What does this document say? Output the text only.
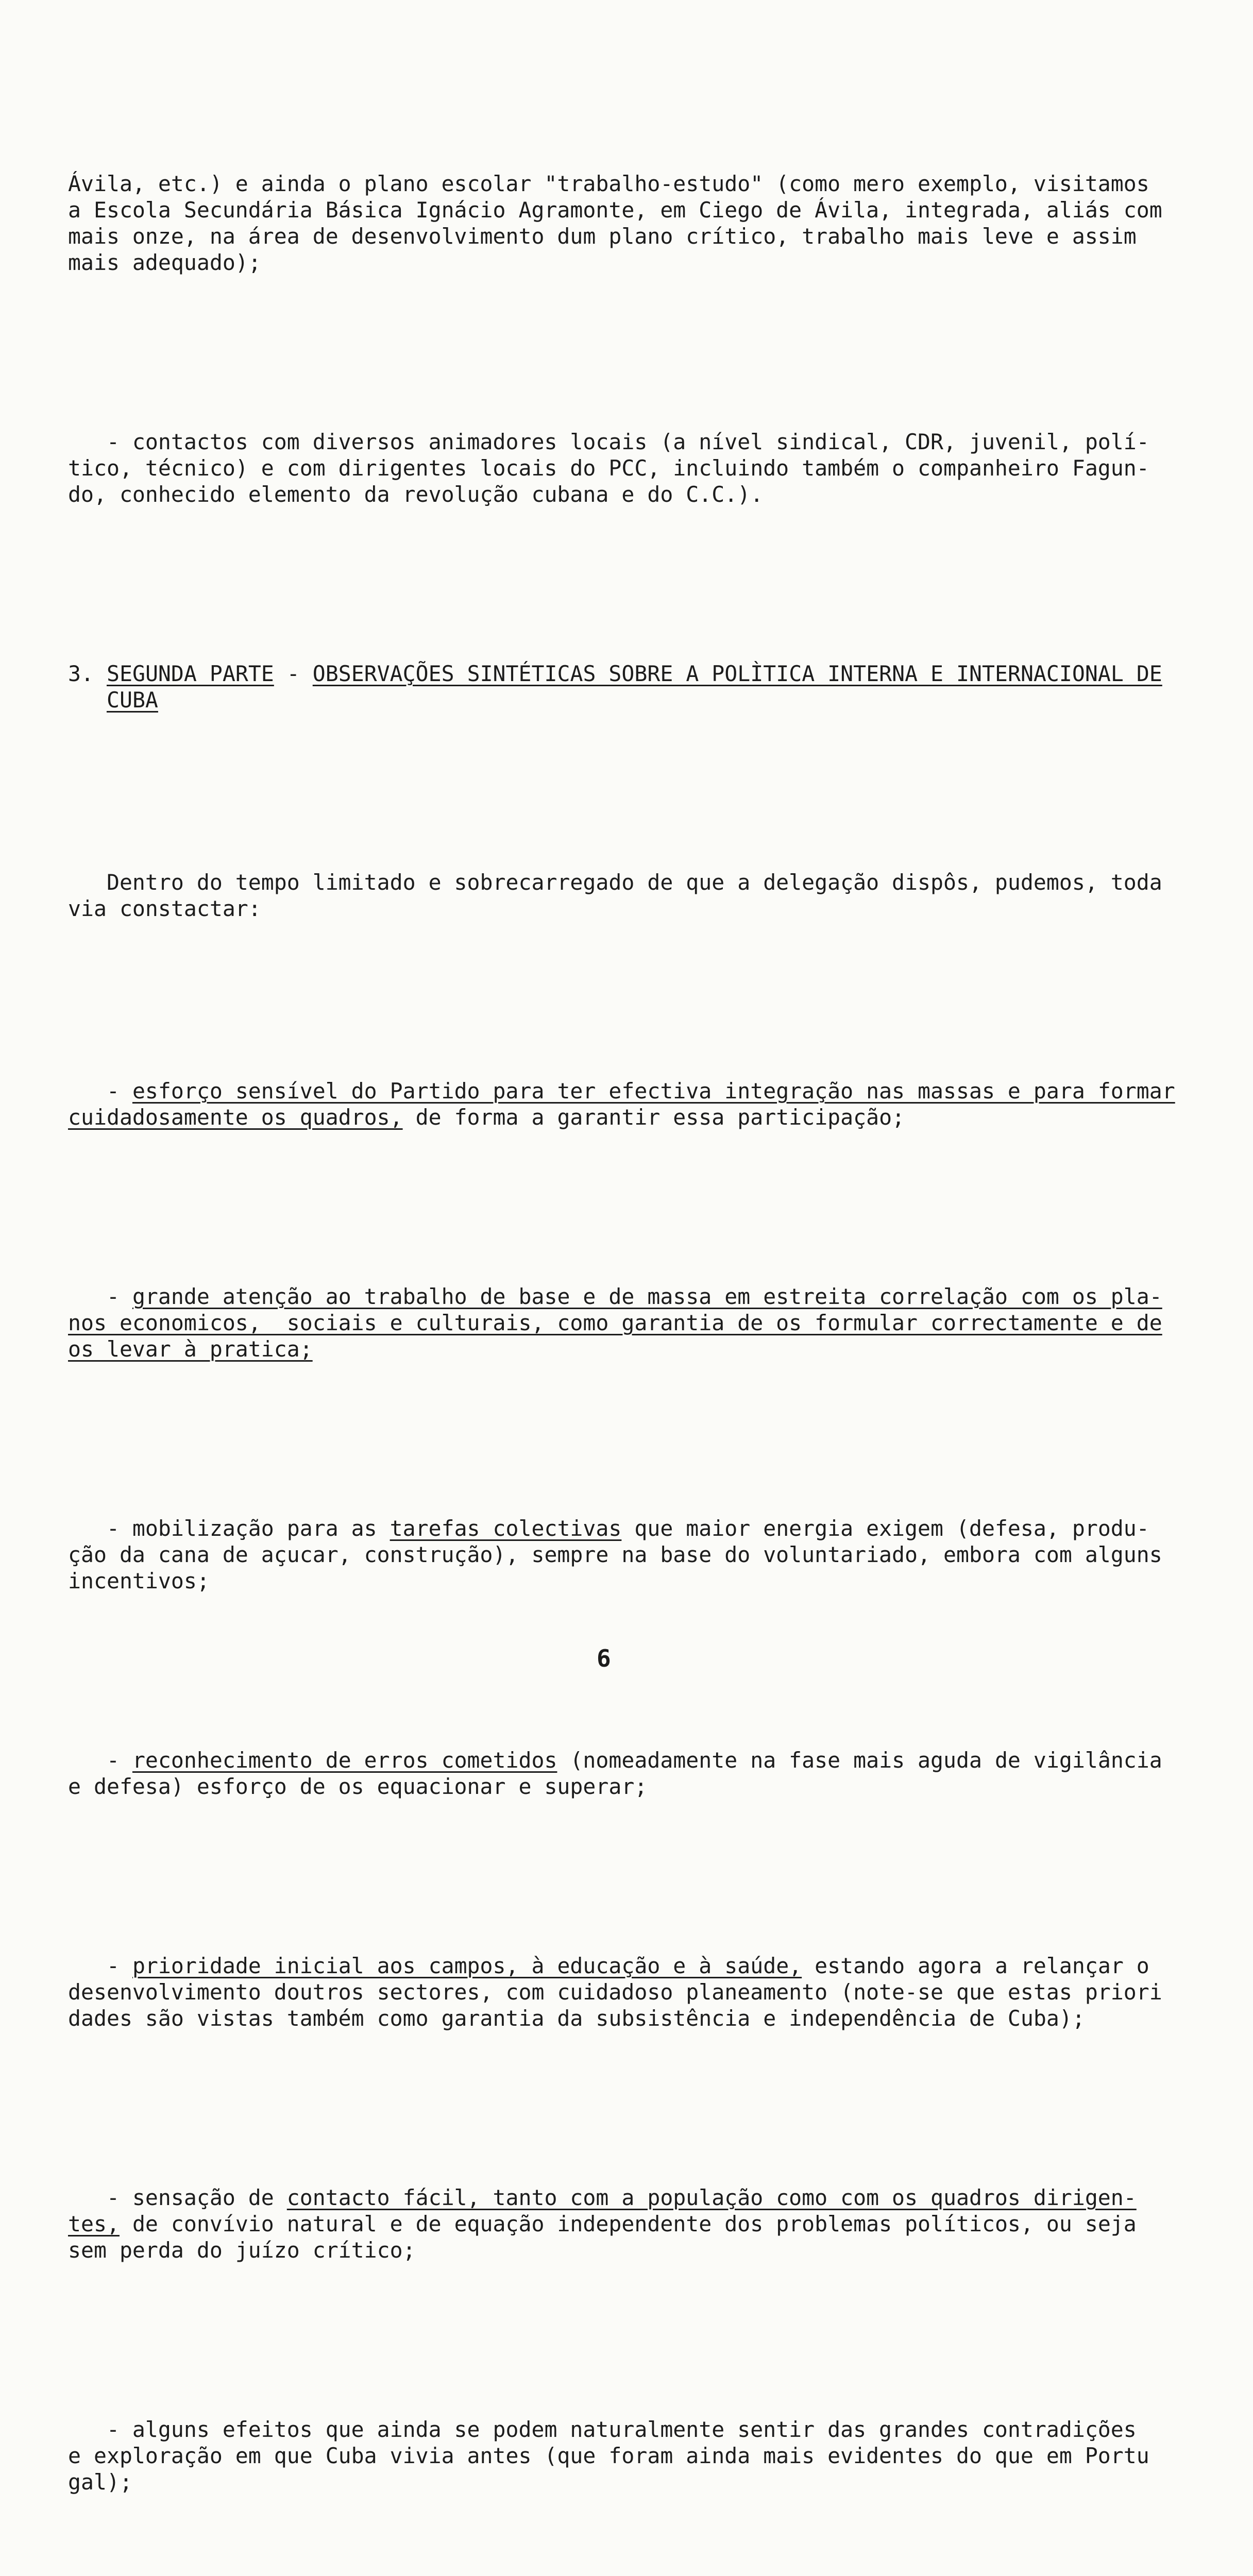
Ávila, etc.) e ainda o plano escolar "trabalho-estudo" (como mero exemplo, visitamos
a Escola Secundária Básica Ignácio Agramonte, em Ciego de Ávila, integrada, aliás com
mais onze, na área de desenvolvimento dum plano crítico, trabalho mais leve e assim
mais adequado);

- contactos com diversos animadores locais (a nível sindical, CDR, juvenil, polí-
tico, técnico) e com dirigentes locais do PCC, incluindo também o companheiro Fagun-
do, conhecido elemento da revolução cubana e do C.C.).

3. SEGUNDA PARTE - OBSERVAÇÕES SINTÉTICAS SOBRE A POLÌTICA INTERNA E INTERNACIONAL DE
CUBA

Dentro do tempo limitado e sobrecarregado de que a delegação dispôs, pudemos, toda
via constactar:

- esforço sensível do Partido para ter efectiva integração nas massas e para formar
cuidadosamente os quadros, de forma a garantir essa participação;

- grande atenção ao trabalho de base e de massa em estreita correlação com os pla-
nos economicos,  sociais e culturais, como garantia de os formular correctamente e de
os levar à pratica;

- mobilização para as tarefas colectivas que maior energia exigem (defesa, produ-
ção da cana de açucar, construção), sempre na base do voluntariado, embora com alguns
incentivos;

- reconhecimento de erros cometidos (nomeadamente na fase mais aguda de vigilância
e defesa) esforço de os equacionar e superar;

- prioridade inicial aos campos, à educação e à saúde, estando agora a relançar o
desenvolvimento doutros sectores, com cuidadoso planeamento (note-se que estas priori
dades são vistas também como garantia da subsistência e independência de Cuba);

- sensação de contacto fácil, tanto com a população como com os quadros dirigen-
tes, de convívio natural e de equação independente dos problemas políticos, ou seja
sem perda do juízo crítico;

- alguns efeitos que ainda se podem naturalmente sentir das grandes contradições
e exploração em que Cuba vivia antes (que foram ainda mais evidentes do que em Portu
gal);

6
